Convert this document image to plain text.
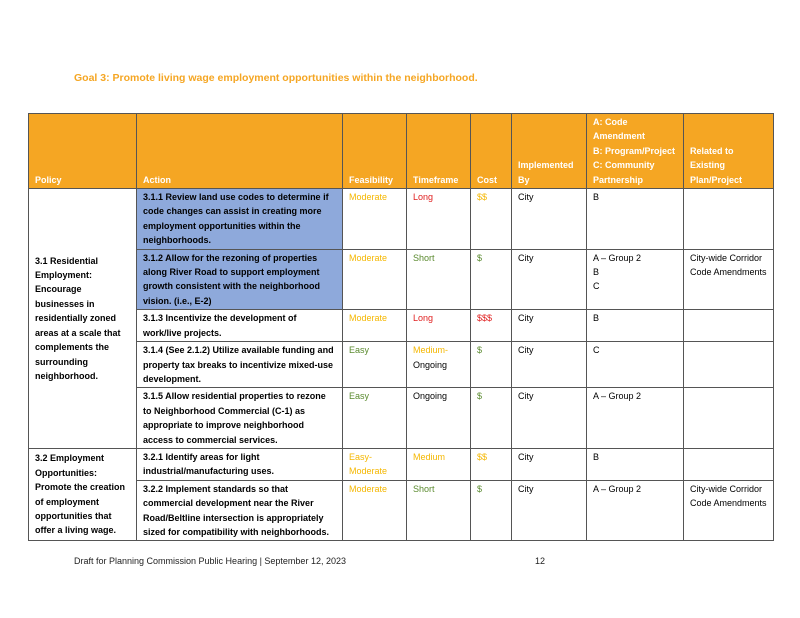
Goal 3: Promote living wage employment opportunities within the neighborhood.
Policy	Action	Feasibility	Timeframe	Cost	Implemented By	A: Code Amendment
B: Program/Project
C: Community Partnership	Related to Existing Plan/Project
3.1 Residential Employment: Encourage businesses in residentially zoned areas at a scale that complements the surrounding neighborhood.	3.1.1 Review land use codes to determine if code changes can assist in creating more employment opportunities within the neighborhoods.	Moderate	Long	$$	City	B	

	3.1.2 Allow for the rezoning of properties along River Road to support employment growth consistent with the neighborhood vision. (i.e., E-2)	Moderate	Short	$	City	A – Group 2
B
C	City-wide Corridor Code Amendments
	3.1.3 Incentivize the development of work/live projects.	Moderate	Long	$$$	City	B	

	3.1.4 (See 2.1.2) Utilize available funding and property tax breaks to incentivize mixed-use development.	Easy	Medium-
Ongoing	$	City	C	

	3.1.5 Allow residential properties to rezone to Neighborhood Commercial (C-1) as appropriate to improve neighborhood access to commercial services.	Easy	Ongoing	$	City	A – Group 2	

3.2 Employment Opportunities: Promote the creation of employment opportunities that offer a living wage.	3.2.1 Identify areas for light industrial/manufacturing uses.	Easy-Moderate	Medium	$$	City	B	

	3.2.2 Implement standards so that commercial development near the River Road/Beltline intersection is appropriately sized for compatibility with neighborhoods.	Moderate	Short	$	City	A – Group 2	City-wide Corridor Code Amendments
Draft for Planning Commission Public Hearing | September 12, 2023	12
